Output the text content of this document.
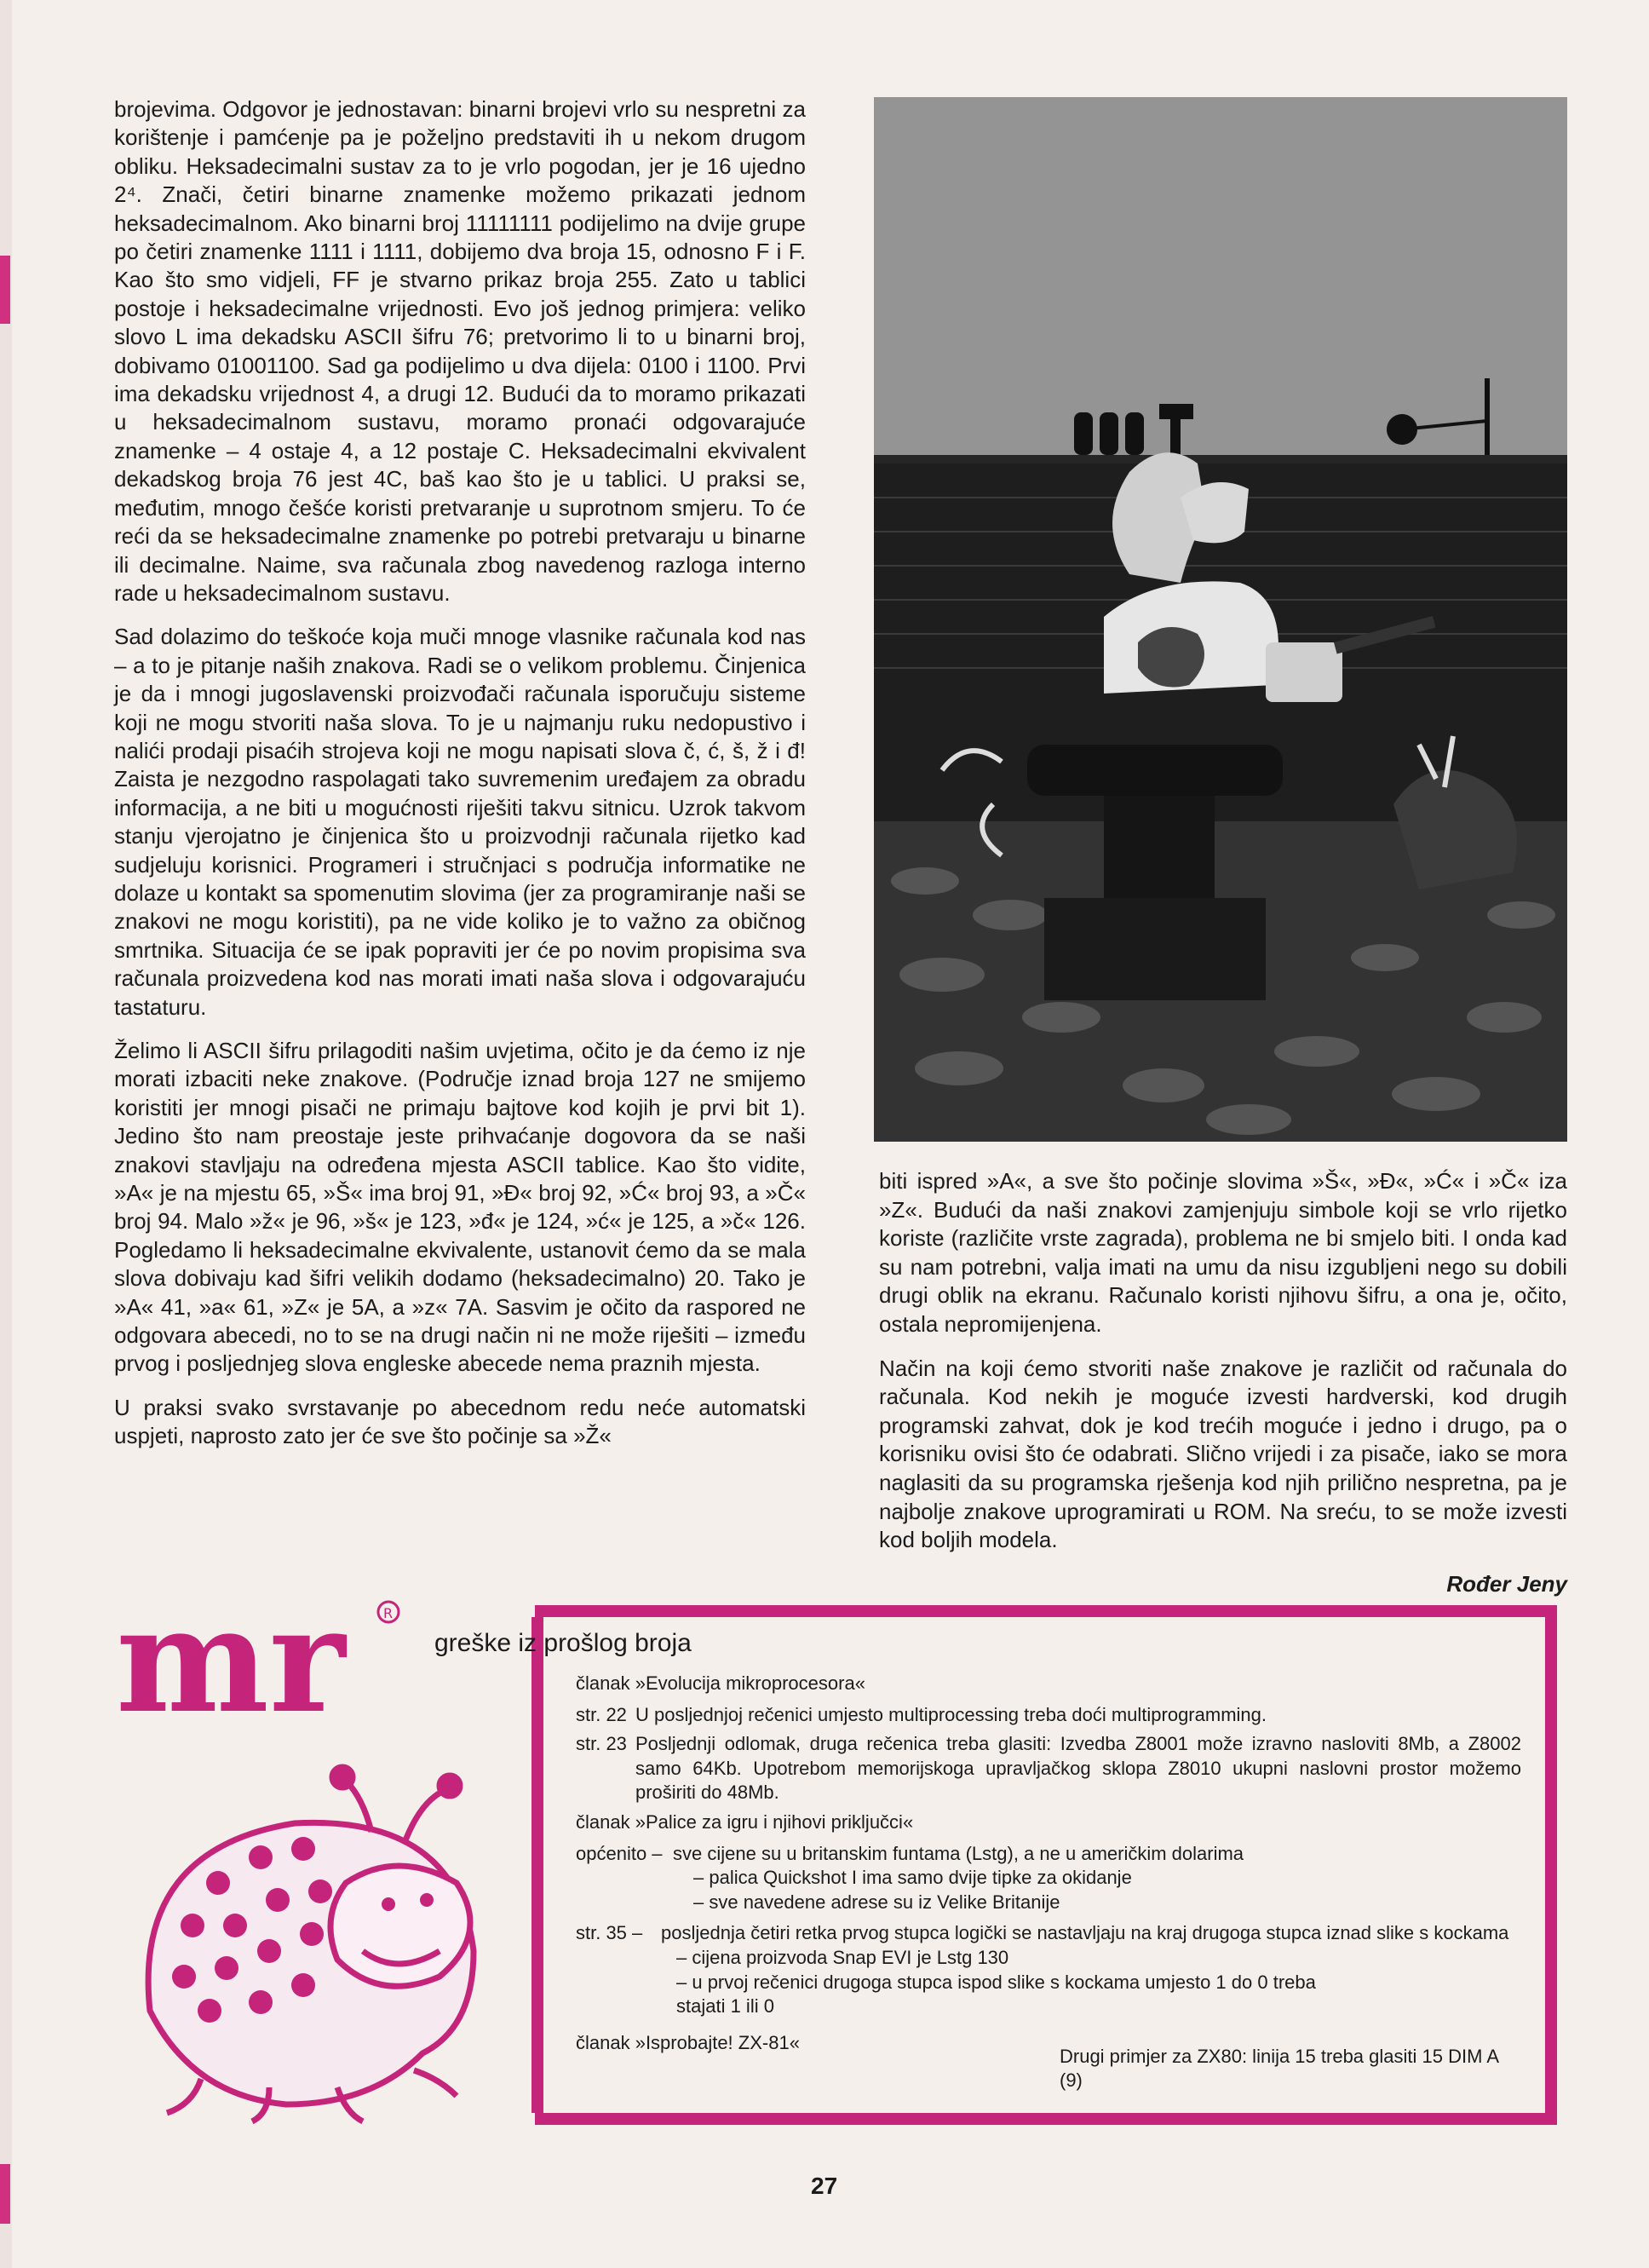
brojevima. Odgovor je jednostavan: binarni brojevi vrlo su nespretni za korištenje i pamćenje pa je poželjno predstaviti ih u nekom drugom obliku. Heksadecimalni sustav za to je vrlo pogodan, jer je 16 ujedno 2⁴. Znači, četiri binarne znamenke možemo prikazati jednom heksadecimalnom. Ako binarni broj 11111111 podijelimo na dvije grupe po četiri znamenke 1111 i 1111, dobijemo dva broja 15, odnosno F i F. Kao što smo vidjeli, FF je stvarno prikaz broja 255. Zato u tablici postoje i heksadecimalne vrijednosti. Evo još jednog primjera: veliko slovo L ima dekadsku ASCII šifru 76; pretvorimo li to u binarni broj, dobivamo 01001100. Sad ga podijelimo u dva dijela: 0100 i 1100. Prvi ima dekadsku vrijednost 4, a drugi 12. Budući da to moramo prikazati u heksadecimalnom sustavu, moramo pronaći odgovarajuće znamenke – 4 ostaje 4, a 12 postaje C. Heksadecimalni ekvivalent dekadskog broja 76 jest 4C, baš kao što je u tablici. U praksi se, međutim, mnogo češće koristi pretvaranje u suprotnom smjeru. To će reći da se heksadecimalne znamenke po potrebi pretvaraju u binarne ili decimalne. Naime, sva računala zbog navedenog razloga interno rade u heksadecimalnom sustavu.

Sad dolazimo do teškoće koja muči mnoge vlasnike računala kod nas – a to je pitanje naših znakova. Radi se o velikom problemu. Činjenica je da i mnogi jugoslavenski proizvođači računala isporučuju sisteme koji ne mogu stvoriti naša slova. To je u najmanju ruku nedopustivo i nalići prodaji pisaćih strojeva koji ne mogu napisati slova č, ć, š, ž i đ! Zaista je nezgodno raspolagati tako suvremenim uređajem za obradu informacija, a ne biti u mogućnosti riješiti takvu sitnicu. Uzrok takvom stanju vjerojatno je činjenica što u proizvodnji računala rijetko kad sudjeluju korisnici. Programeri i stručnjaci s područja informatike ne dolaze u kontakt sa spomenutim slovima (jer za programiranje naši se znakovi ne mogu koristiti), pa ne vide koliko je to važno za običnog smrtnika. Situacija će se ipak popraviti jer će po novim propisima sva računala proizvedena kod nas morati imati naša slova i odgovarajuću tastaturu.

Želimo li ASCII šifru prilagoditi našim uvjetima, očito je da ćemo iz nje morati izbaciti neke znakove. (Područje iznad broja 127 ne smijemo koristiti jer mnogi pisači ne primaju bajtove kod kojih je prvi bit 1). Jedino što nam preostaje jeste prihvaćanje dogovora da se naši znakovi stavljaju na određena mjesta ASCII tablice. Kao što vidite, »A« je na mjestu 65, »Š« ima broj 91, »Đ« broj 92, »Ć« broj 93, a »Č« broj 94. Malo »ž« je 96, »š« je 123, »đ« je 124, »ć« je 125, a »č« 126. Pogledamo li heksadecimalne ekvivalente, ustanovit ćemo da se mala slova dobivaju kad šifri velikih dodamo (heksadecimalno) 20. Tako je »A« 41, »a« 61, »Z« je 5A, a »z« 7A. Sasvim je očito da raspored ne odgovara abecedi, no to se na drugi način ni ne može riješiti – između prvog i posljednjeg slova engleske abecede nema praznih mjesta.

U praksi svako svrstavanje po abecednom redu neće automatski uspjeti, naprosto zato jer će sve što počinje sa »Ž«

biti ispred »A«, a sve što počinje slovima »Š«, »Đ«, »Ć« i »Č« iza »Z«. Budući da naši znakovi zamjenjuju simbole koji se vrlo rijetko koriste (različite vrste zagrada), problema ne bi smjelo biti. I onda kad su nam potrebni, valja imati na umu da nisu izgubljeni nego su dobili drugi oblik na ekranu. Računalo koristi njihovu šifru, a ona je, očito, ostala nepromijenjena.

Način na koji ćemo stvoriti naše znakove je različit od računala do računala. Kod nekih je moguće izvesti hardverski, kod drugih programski zahvat, dok je kod trećih moguće i jedno i drugo, pa o korisniku ovisi što će odabrati. Slično vrijedi i za pisače, iako se mora naglasiti da su programska rješenja kod njih prilično nespretna, pa je najbolje znakove uprogramirati u ROM. Na sreću, to se može izvesti kod boljih modela.

Rođer Jeny
mr	R
greške iz prošlog broja
članak »Evolucija mikroprocesora«
str. 22 U posljednjoj rečenici umjesto multiprocessing treba doći multiprogramming.
str. 23 Posljednji odlomak, druga rečenica treba glasiti: Izvedba Z8001 može izravno nasloviti 8Mb, a Z8002 samo 64Kb. Upotrebom memorijskoga upravljačkog sklopa Z8010 ukupni naslovni prostor možemo proširiti do 48Mb.
članak »Palice za igru i njihovi priključci«
općenito – sve cijene su u britanskim funtama (Lstg), a ne u američkim dolarima
– palica Quickshot I ima samo dvije tipke za okidanje
– sve navedene adrese su iz Velike Britanije
str. 35 – posljednja četiri retka prvog stupca logički se nastavljaju na kraj drugoga stupca iznad slike s kockama
– cijena proizvoda Snap EVI je Lstg 130
– u prvoj rečenici drugoga stupca ispod slike s kockama umjesto 1 do 0 treba stajati 1 ili 0
članak »Isprobajte! ZX-81«
Drugi primjer za ZX80: linija 15 treba glasiti 15 DIM A (9)
27
